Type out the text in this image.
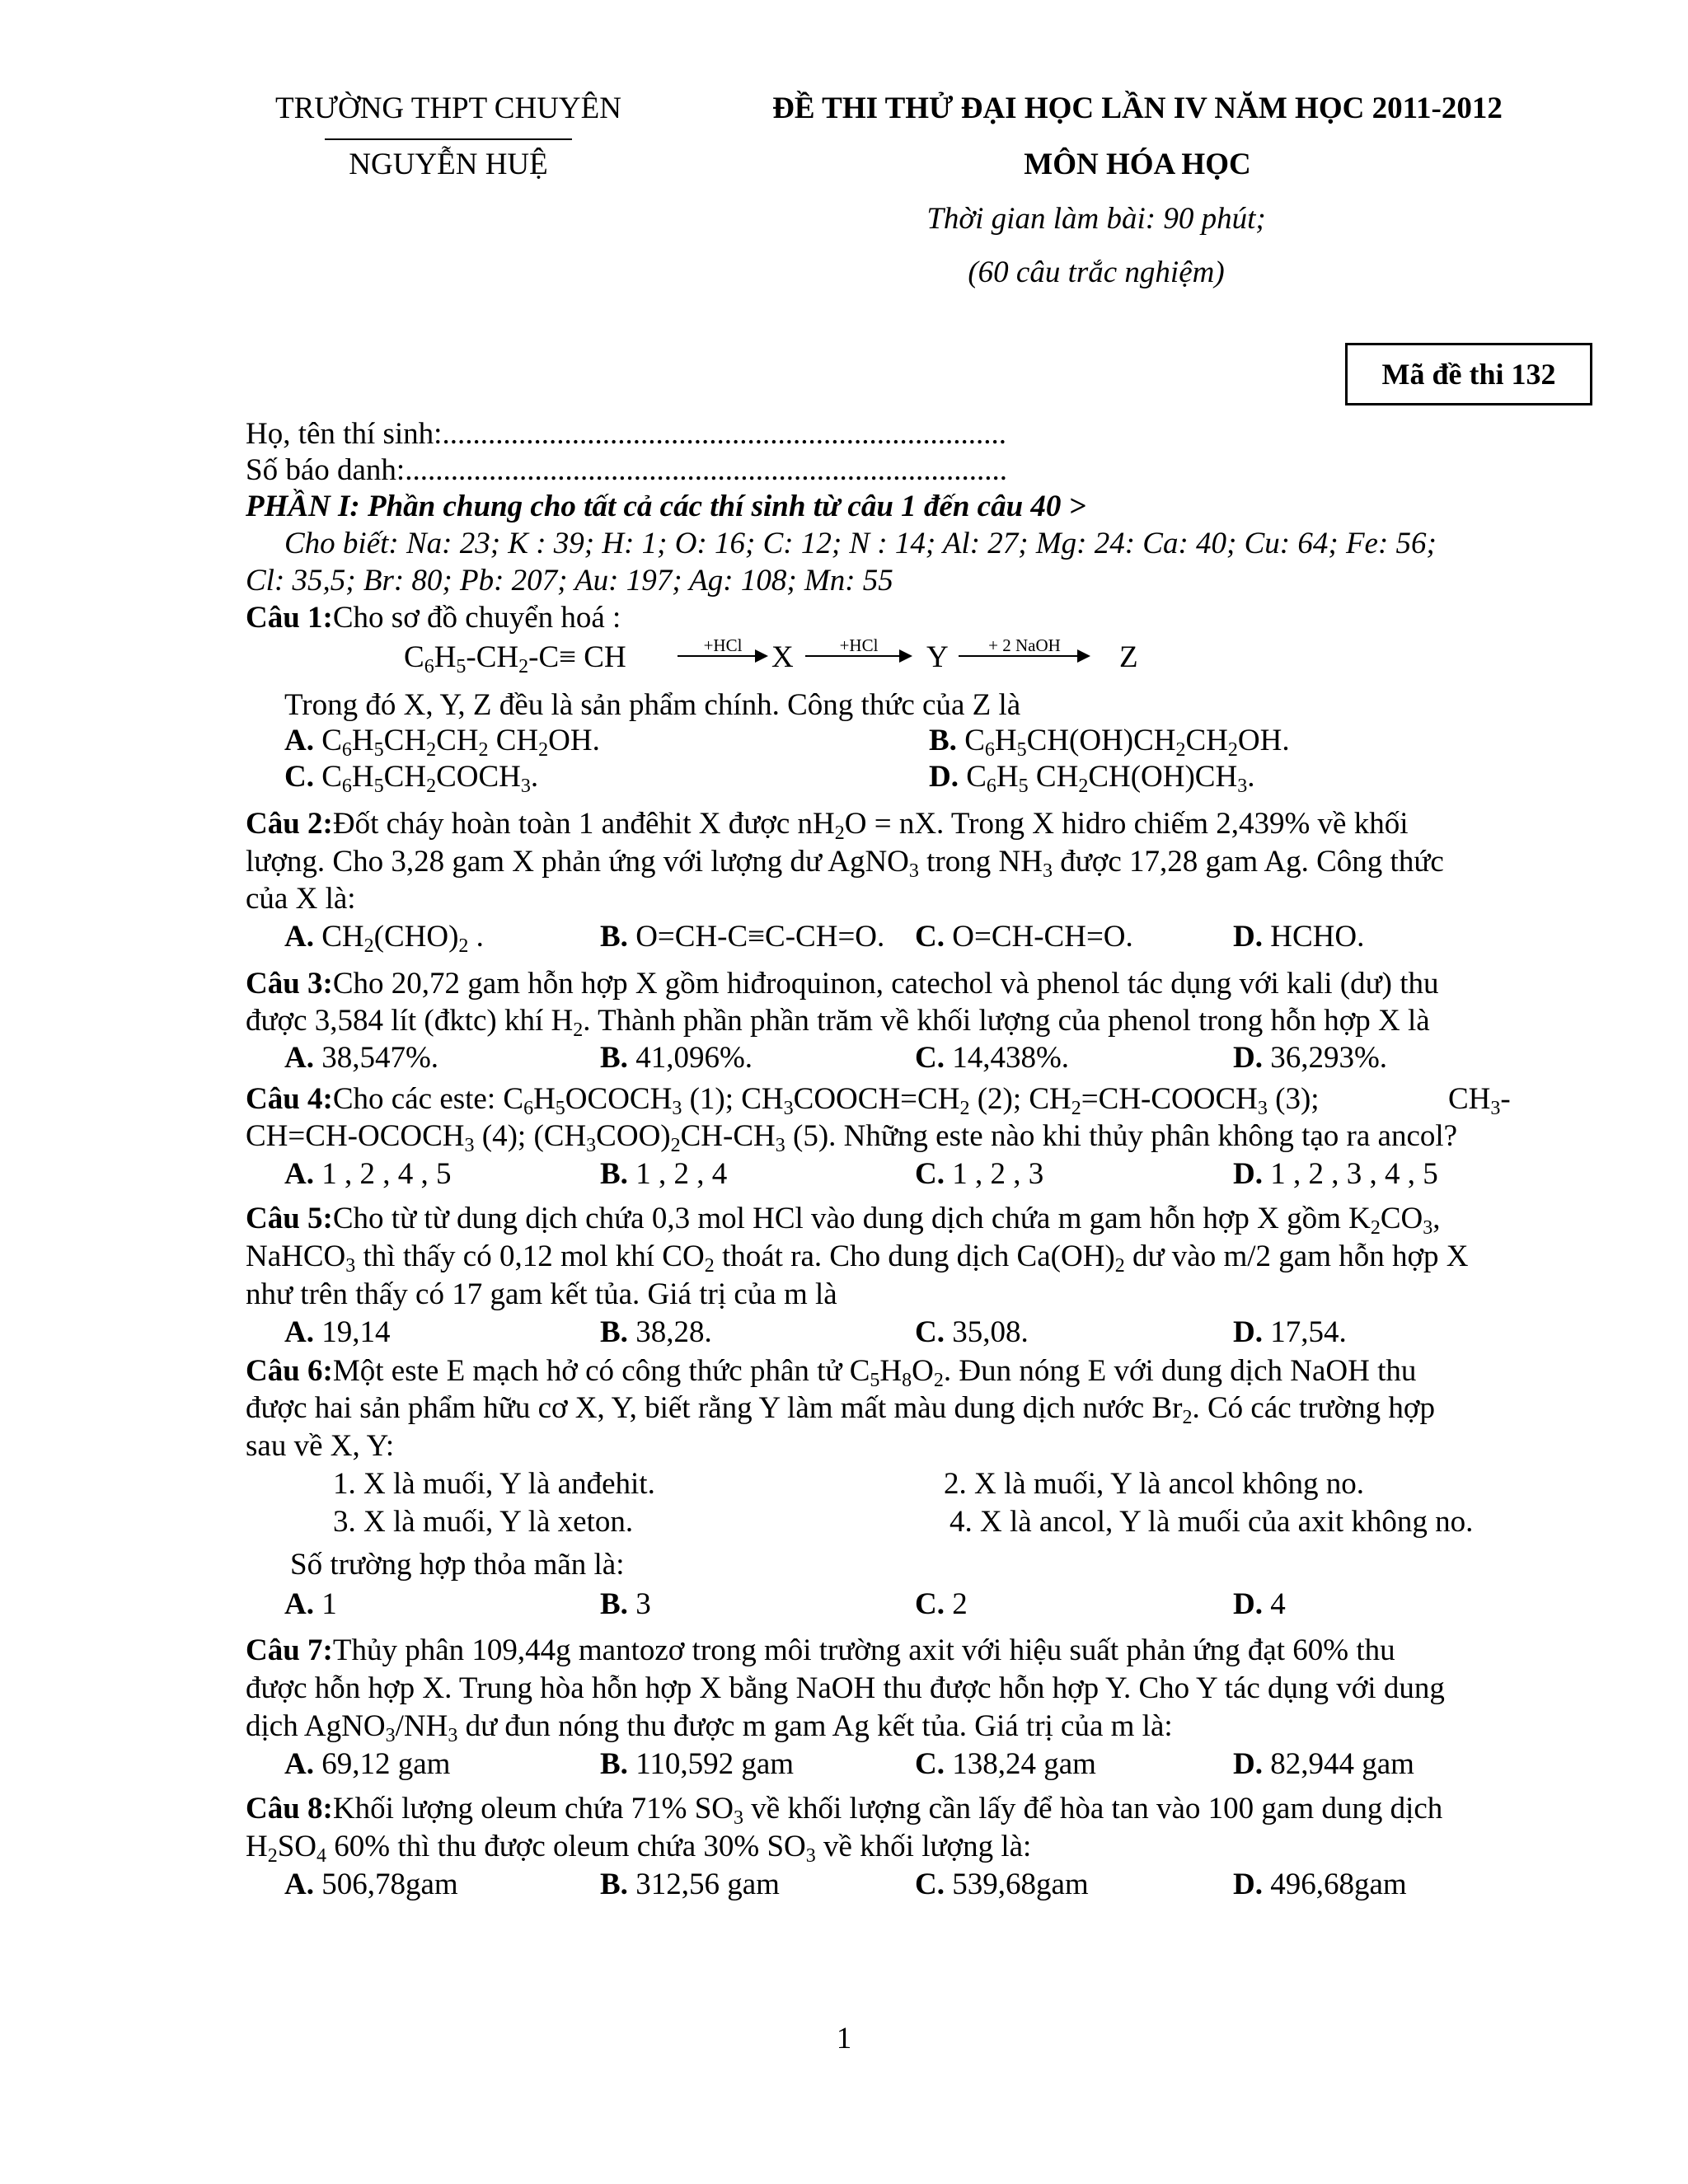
TRƯỜNG THPT CHUYÊN
NGUYỄN HUỆ
ĐỀ THI THỬ ĐẠI HỌC LẦN IV NĂM HỌC 2011-2012
MÔN HÓA HỌC
Thời gian làm bài: 90 phút;
(60 câu trắc nghiệm)
Mã đề thi 132
Họ, tên thí sinh:..........................................................................
Số báo danh:...............................................................................
PHẦN I: Phần chung cho tất cả các thí sinh từ câu 1 đến câu 40 >
Cho biết: Na: 23; K : 39; H: 1; O: 16; C: 12; N : 14; Al: 27; Mg: 24: Ca: 40; Cu: 64; Fe: 56;
Cl: 35,5; Br: 80; Pb: 207; Au: 197; Ag: 108; Mn: 55
Câu 1:Cho sơ đồ chuyển hoá :
$C_6H_5-CH_2-C\equiv$ CH	+HCl X	+HCl	Y	+ 2 NaOH	Z
Trong đó X, Y, Z đều là sản phẩm chính. Công thức của Z là
A. $C_6H_5CH_2CH_2$ $CH_2OH$.	B. $C_6H_5CH(OH)CH_2CH_2OH$.
C. $C_6H_5CH_2COCH_3$.	D. $C_6H_5$ $CH_2CH(OH)CH_3$.
Câu 2:Đốt cháy hoàn toàn 1 anđêhit X được $nH_2O$ = nX. Trong X hidro chiếm 2,439% về khối
lượng. Cho 3,28 gam X phản ứng với lượng dư AgNO$_3$ trong $NH_3$ được 17,28 gam Ag. Công thức
của X là:
A. $CH_2(CHO)_2$ .	B. O=CH-C≡C-CH=O. C. O=CH-CH=O.	D. HCHO.
Câu 3:Cho 20,72 gam hỗn hợp X gồm hiđroquinon, catechol và phenol tác dụng với kali (dư) thu
được 3,584 lít (đktc) khí $H_2$. Thành phần phần trăm về khối lượng của phenol trong hỗn hợp X là
A. 38,547%.	B. 41,096%.	C. 14,438%.	D. 36,293%.
Câu 4:Cho các este: $C_6H_5OCOCH_3$ (1); $CH_3COOCH=CH_2$ (2); $CH_2=CH-COOCH_3$ (3);	$CH_3-$
$CH=CH-OCOCH_3$ (4); $(CH_3COO)_2CH-CH_3$ (5). Những este nào khi thủy phân không tạo ra ancol?
A. 1 , 2 , 4 , 5	B. 1 , 2 , 4	C. 1 , 2 , 3	D. 1 , 2 , 3 , 4 , 5
Câu 5:Cho từ từ dung dịch chứa 0,3 mol HCl vào dung dịch chứa m gam hỗn hợp X gồm $K_2CO_3$,
NaHCO$_3$ thì thấy có 0,12 mol khí $CO_2$ thoát ra. Cho dung dịch $Ca(OH)_2$ dư vào m/2 gam hỗn hợp X
như trên thấy có 17 gam kết tủa. Giá trị của m là
A. 19,14	B. 38,28.	C. 35,08.	D. 17,54.
Câu 6:Một este E mạch hở có công thức phân tử $C_5H_8O_2$. Đun nóng E với dung dịch NaOH thu
được hai sản phẩm hữu cơ X, Y, biết rằng Y làm mất màu dung dịch nước $Br_2$. Có các trường hợp
sau về X, Y:
1. X là muối, Y là anđehit.	2. X là muối, Y là ancol không no.
3. X là muối, Y là xeton.	4. X là ancol, Y là muối của axit không no.
Số trường hợp thỏa mãn là:
A. 1	B. 3	C. 2	D. 4
Câu 7:Thủy phân 109,44g mantozơ trong môi trường axit với hiệu suất phản ứng đạt 60% thu
được hỗn hợp X. Trung hòa hỗn hợp X bằng NaOH thu được hỗn hợp Y. Cho Y tác dụng với dung
dịch $AgNO_3/NH_3$ dư đun nóng thu được m gam Ag kết tủa. Giá trị của m là:
A. 69,12 gam	B. 110,592 gam	C. 138,24 gam	D. 82,944 gam
Câu 8:Khối lượng oleum chứa 71% $SO_3$ về khối lượng cần lấy để hòa tan vào 100 gam dung dịch
$H_2SO_4$ 60% thì thu được oleum chứa 30% $SO_3$ về khối lượng là:
A. 506,78gam	B. 312,56 gam	C. 539,68gam	D. 496,68gam
1
